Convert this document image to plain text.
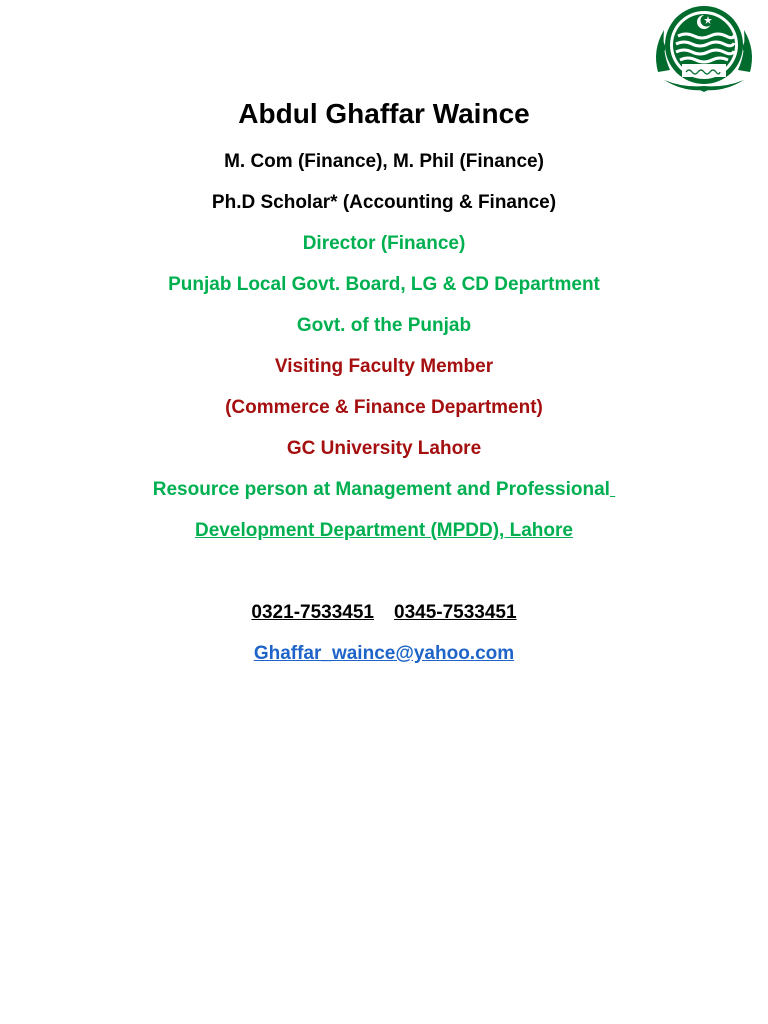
Abdul Ghaffar Waince
M. Com (Finance), M. Phil (Finance)
Ph.D Scholar* (Accounting & Finance)
Director (Finance)
Punjab Local Govt. Board, LG & CD Department
Govt. of the Punjab
Visiting Faculty Member
(Commerce & Finance Department)
GC University Lahore
Resource person at Management and Professional
Development Department (MPDD), Lahore
0321-7533451 0345-7533451
Ghaffar_waince@yahoo.com
